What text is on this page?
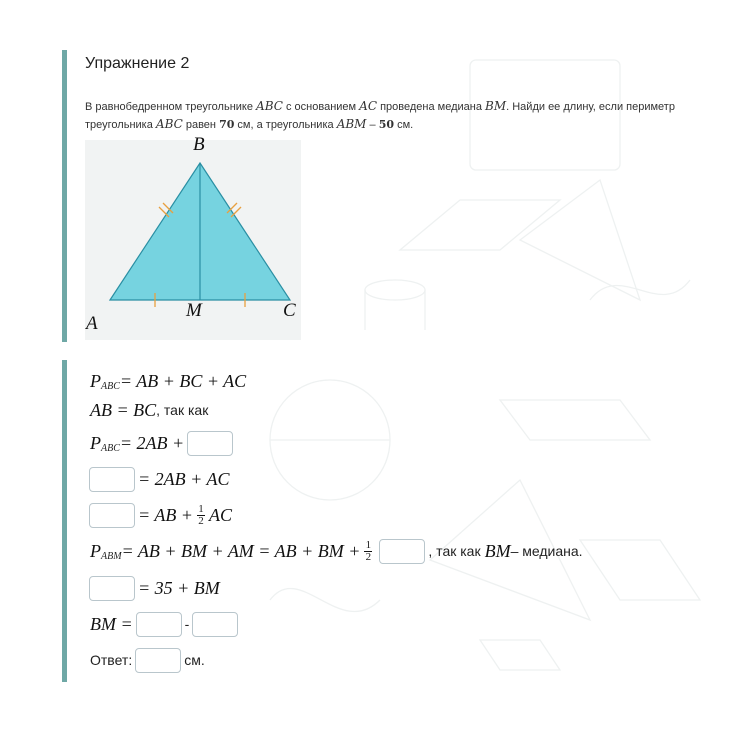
Упражнение 2
В равнобедренном треугольнике ABC с основанием AC проведена медиана BM. Найди ее длину, если периметр треугольника ABC равен 70 см, а треугольника ABM – 50 см.
B
M	C
A
P ABC = AB + BC + AC
AB = BC , так как
P ABC = 2AB +
= 2AB + AC
= AB + $\frac{1}{2}$ AC
P ABM = AB + BM + AM = AB + BM + $\frac{1}{2}$	, так как BM – медиана.
= 35 + BM
BM =	-
Ответ:	см.
